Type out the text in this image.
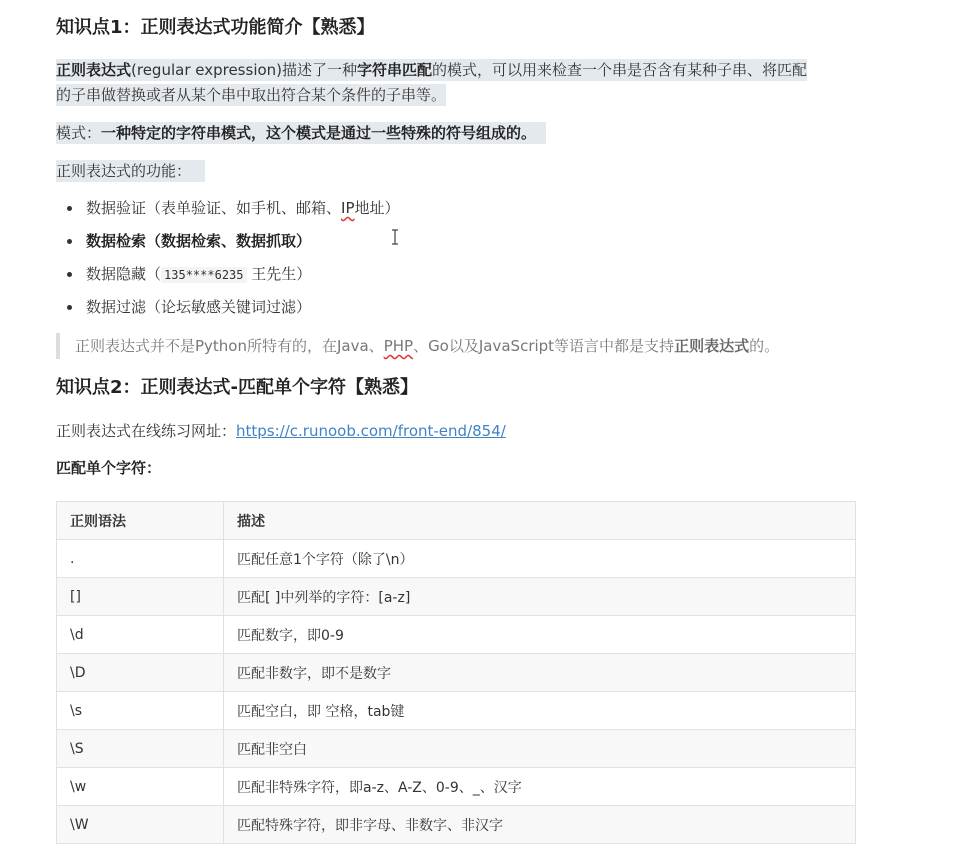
知识点1：正则表达式功能简介【熟悉】

正则表达式(regular expression)描述了一种字符串匹配的模式，可以用来检查一个串是否含有某种子串、将匹配
的子串做替换或者从某个串中取出符合某个条件的子串等。

模式：一种特定的字符串模式，这个模式是通过一些特殊的符号组成的。

正则表达式的功能：

数据验证（表单验证、如手机、邮箱、IP地址）
数据检索（数据检索、数据抓取）
数据隐藏（ 135****6235 王先生）
数据过滤（论坛敏感关键词过滤）
正则表达式并不是Python所特有的，在Java、PHP、Go以及JavaScript等语言中都是支持正则表达式的。
知识点2：正则表达式-匹配单个字符【熟悉】

正则表达式在线练习网址：https://c.runoob.com/front-end/854/

匹配单个字符：

正则语法	描述
.	匹配任意1个字符（除了\n）
[]	匹配[ ]中列举的字符：[a-z]
\d	匹配数字，即0-9
\D	匹配非数字，即不是数字
\s	匹配空白，即 空格，tab键
\S	匹配非空白
\w	匹配非特殊字符，即a-z、A-Z、0-9、_、汉字
\W	匹配特殊字符，即非字母、非数字、非汉字
